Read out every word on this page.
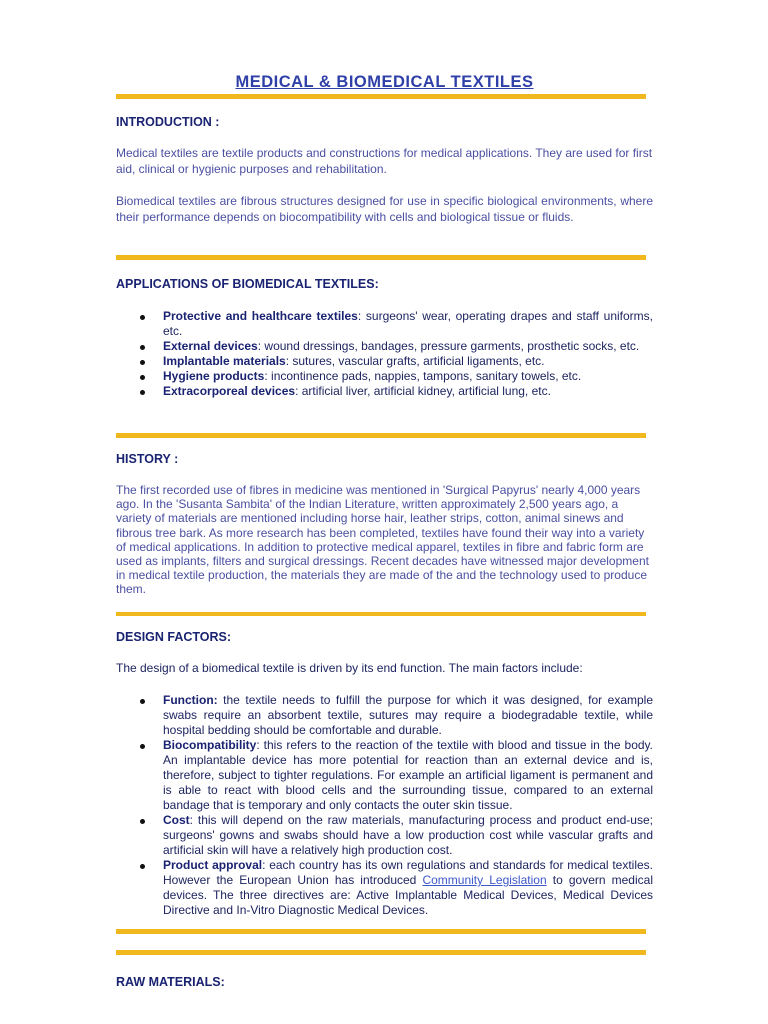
MEDICAL & BIOMEDICAL TEXTILES
INTRODUCTION :

Medical textiles are textile products and constructions for medical applications. They are used for first aid, clinical or hygienic purposes and rehabilitation.

Biomedical textiles are fibrous structures designed for use in specific biological environments, where their performance depends on biocompatibility with cells and biological tissue or fluids.

APPLICATIONS OF BIOMEDICAL TEXTILES:
Protective and healthcare textiles: surgeons' wear, operating drapes and staff uniforms, etc.
External devices: wound dressings, bandages, pressure garments, prosthetic socks, etc.
Implantable materials: sutures, vascular grafts, artificial ligaments, etc.
Hygiene products: incontinence pads, nappies, tampons, sanitary towels, etc.
Extracorporeal devices: artificial liver, artificial kidney, artificial lung, etc.
HISTORY :

The first recorded use of fibres in medicine was mentioned in 'Surgical Papyrus' nearly 4,000 years ago. In the 'Susanta Sambita' of the Indian Literature, written approximately 2,500 years ago, a variety of materials are mentioned including horse hair, leather strips, cotton, animal sinews and fibrous tree bark. As more research has been completed, textiles have found their way into a variety of medical applications. In addition to protective medical apparel, textiles in fibre and fabric form are used as implants, filters and surgical dressings. Recent decades have witnessed major development in medical textile production, the materials they are made of the and the technology used to produce them.

DESIGN FACTORS:

The design of a biomedical textile is driven by its end function. The main factors include:

Function: the textile needs to fulfill the purpose for which it was designed, for example swabs require an absorbent textile, sutures may require a biodegradable textile, while hospital bedding should be comfortable and durable.
Biocompatibility: this refers to the reaction of the textile with blood and tissue in the body. An implantable device has more potential for reaction than an external device and is, therefore, subject to tighter regulations. For example an artificial ligament is permanent and is able to react with blood cells and the surrounding tissue, compared to an external bandage that is temporary and only contacts the outer skin tissue.
Cost: this will depend on the raw materials, manufacturing process and product end-use; surgeons' gowns and swabs should have a low production cost while vascular grafts and artificial skin will have a relatively high production cost.
Product approval: each country has its own regulations and standards for medical textiles. However the European Union has introduced Community Legislation to govern medical devices. The three directives are: Active Implantable Medical Devices, Medical Devices Directive and In-Vitro Diagnostic Medical Devices.
RAW MATERIALS:
